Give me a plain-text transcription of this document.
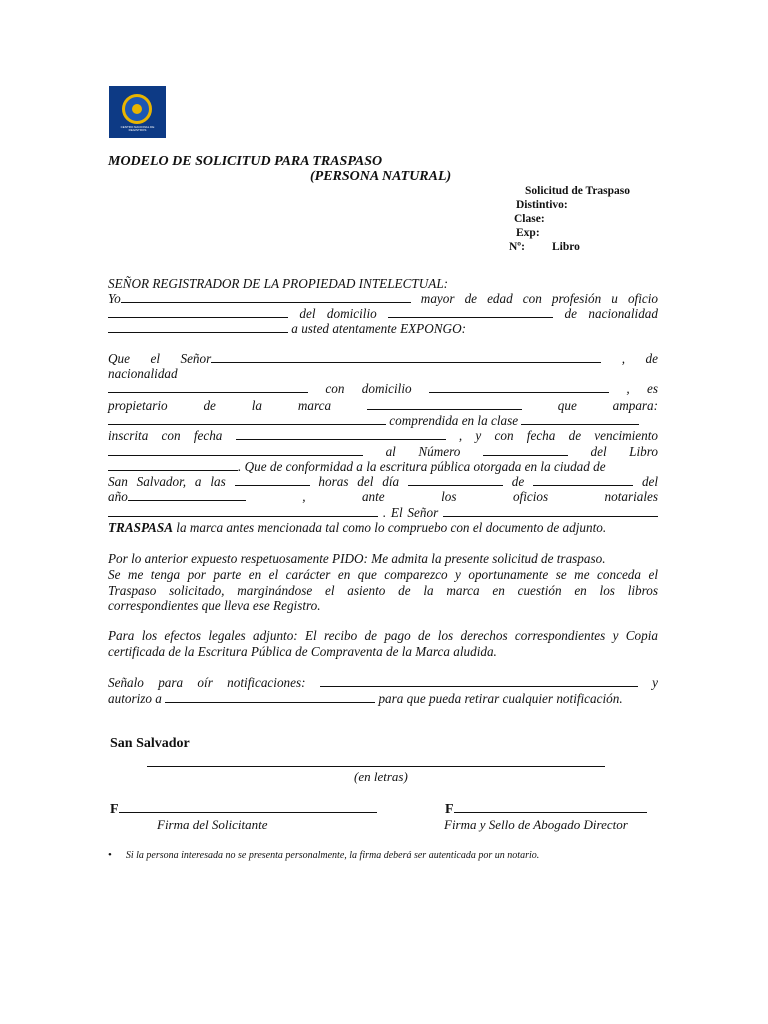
CENTRO NACIONAL DE REGISTROS
MODELO DE SOLICITUD PARA TRASPASO
(PERSONA NATURAL)
Solicitud de Traspaso
Distintivo:
Clase:
Exp:
Nº: Libro
SEÑOR REGISTRADOR DE LA PROPIEDAD INTELECTUAL:
Yo	mayor de edad con profesión u oficio
del domicilio	de nacionalidad
a usted atentamente EXPONGO:
Que el Señor	, de
nacionalidad
con domicilio	, es
propietario	de	la	marca	que ampara:
comprendida en la clase
inscrita con fecha	, y con fecha de vencimiento
al Número	del Libro
. Que de conformidad a la escritura pública otorgada en la ciudad de
San Salvador, a las	horas del día	de	del
año	,	ante	los	oficios	notariales
. El Señor
TRASPASA la marca antes mencionada tal como lo compruebo con el documento de adjunto.
Por lo anterior expuesto respetuosamente PIDO: Me admita la presente solicitud de traspaso.
Se me tenga por parte en el carácter en que comparezco y oportunamente se me conceda el
Traspaso solicitado, marginándose el asiento de la marca en cuestión en los libros
correspondientes que lleva ese Registro.
Para los efectos legales adjunto: El recibo de pago de los derechos correspondientes y Copia
certificada de la Escritura Pública de Compraventa de la Marca aludida.
Señalo para oír notificaciones:	y
autorizo a	para que pueda retirar cualquier notificación.
San Salvador
(en letras)
F	F
Firma del Solicitante	Firma y Sello de Abogado Director
• Si la persona interesada no se presenta personalmente, la firma deberá ser autenticada por un notario.
